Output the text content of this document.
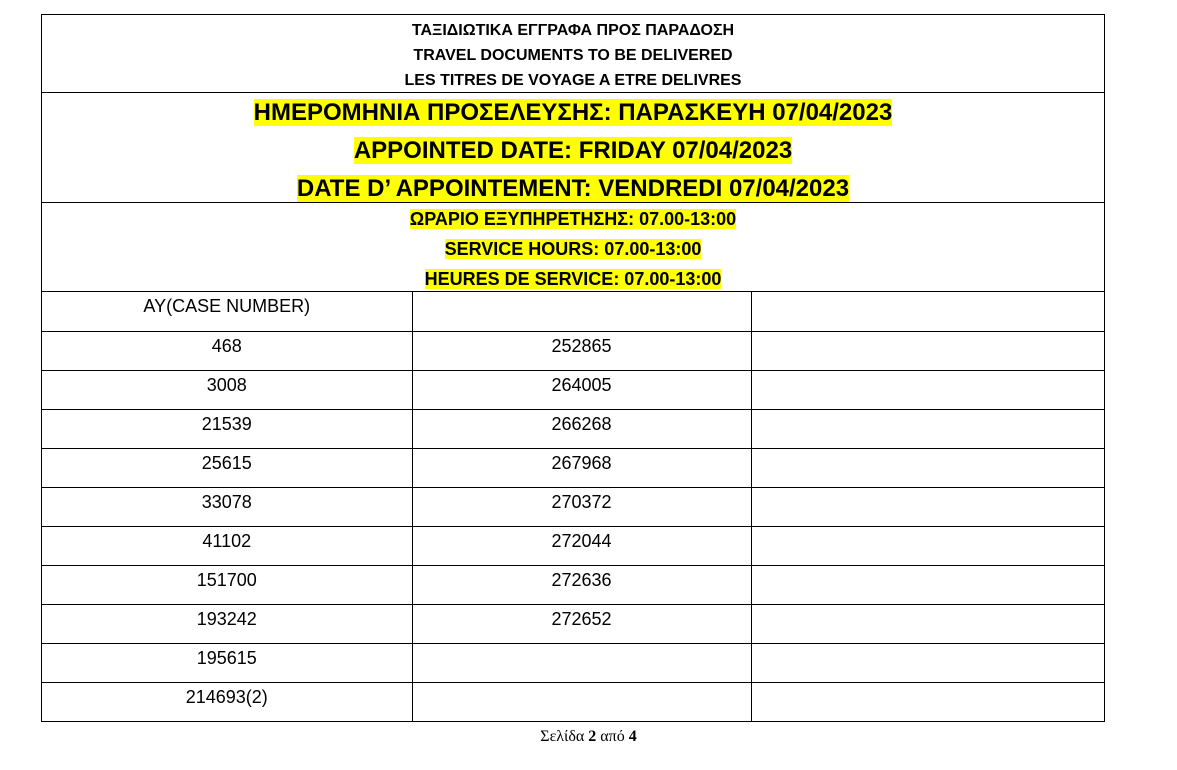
ΤΑΞΙΔΙΩΤΙΚΑ ΕΓΓΡΑΦΑ ΠΡΟΣ ΠΑΡΑΔΟΣΗ
TRAVEL DOCUMENTS TO BE DELIVERED
LES TITRES DE VOYAGE A ETRE DELIVRES
ΗΜΕΡΟΜΗΝΙΑ ΠΡΟΣΕΛΕΥΣΗΣ: ΠΑΡΑΣΚΕΥΗ 07/04/2023
APPOINTED DATE: FRIDAY 07/04/2023
DATE D’ APPOINTEMENT: VENDREDI 07/04/2023
ΩΡΑΡΙΟ ΕΞΥΠΗΡΕΤΗΣΗΣ: 07.00-13:00
SERVICE HOURS: 07.00-13:00
HEURES DE SERVICE: 07.00-13:00
AY(CASE NUMBER)		

468	252865	

3008	264005	

21539	266268	

25615	267968	

33078	270372	

41102	272044	

151700	272636	

193242	272652	

195615		

214693(2)		

Σελίδα 2 από 4
